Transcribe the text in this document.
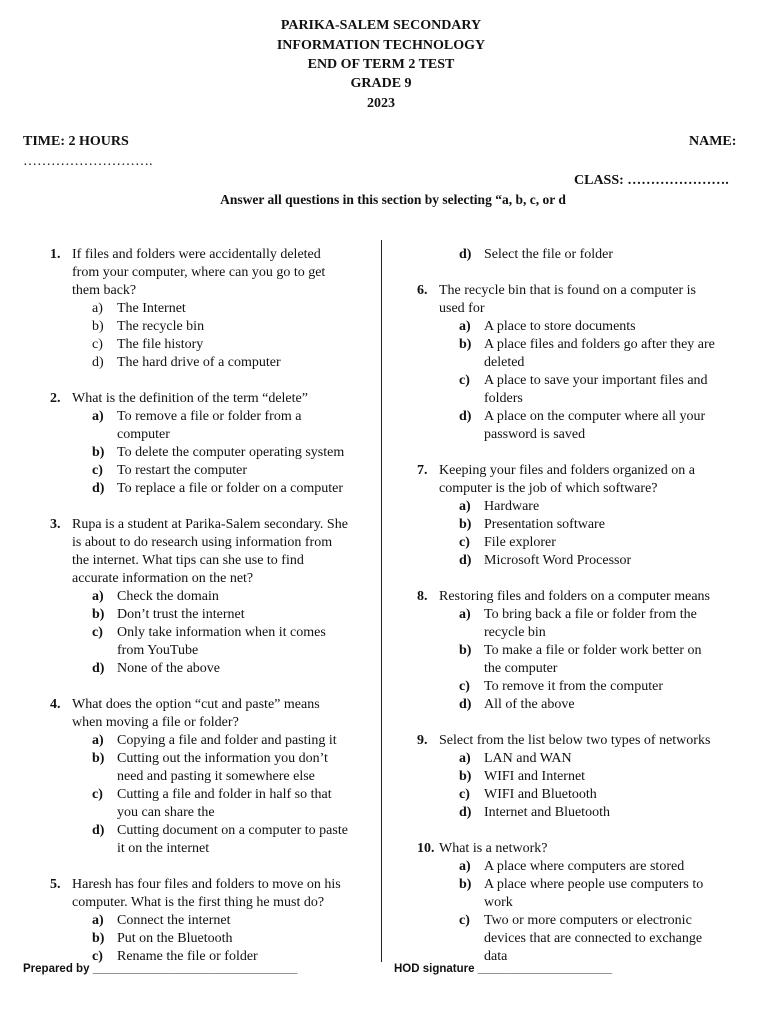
PARIKA-SALEM SECONDARY
INFORMATION TECHNOLOGY
END OF TERM 2 TEST
GRADE 9
2023
TIME: 2 HOURS	NAME:
……………………….
CLASS: ………………….
Answer all questions in this section by selecting “a, b, c, or d
1. If files and folders were accidentally deleted
from your computer, where can you go to get
them back?
a) The Internet
b) The recycle bin
c) The file history
d) The hard drive of a computer
2. What is the definition of the term “delete”
a) To remove a file or folder from a
computer
b) To delete the computer operating system
c) To restart the computer
d) To replace a file or folder on a computer
3. Rupa is a student at Parika-Salem secondary. She
is about to do research using information from
the internet. What tips can she use to find
accurate information on the net?
a) Check the domain
b) Don’t trust the internet
c) Only take information when it comes
from YouTube
d) None of the above
4. What does the option “cut and paste” means
when moving a file or folder?
a) Copying a file and folder and pasting it
b) Cutting out the information you don’t
need and pasting it somewhere else
c) Cutting a file and folder in half so that
you can share the
d) Cutting document on a computer to paste
it on the internet
5. Haresh has four files and folders to move on his
computer. What is the first thing he must do?
a) Connect the internet
b) Put on the Bluetooth
c) Rename the file or folder
d) Select the file or folder
6. The recycle bin that is found on a computer is
used for
a) A place to store documents
b) A place files and folders go after they are
deleted
c) A place to save your important files and
folders
d) A place on the computer where all your
password is saved
7. Keeping your files and folders organized on a
computer is the job of which software?
a) Hardware
b) Presentation software
c) File explorer
d) Microsoft Word Processor
8. Restoring files and folders on a computer means
a) To bring back a file or folder from the
recycle bin
b) To make a file or folder work better on
the computer
c) To remove it from the computer
d) All of the above
9. Select from the list below two types of networks
a) LAN and WAN
b) WIFI and Internet
c) WIFI and Bluetooth
d) Internet and Bluetooth
10. What is a network?
a) A place where computers are stored
b) A place where people use computers to
work
c) Two or more computers or electronic
devices that are connected to exchange
data
Prepared by ________________________________	HOD signature _____________________
